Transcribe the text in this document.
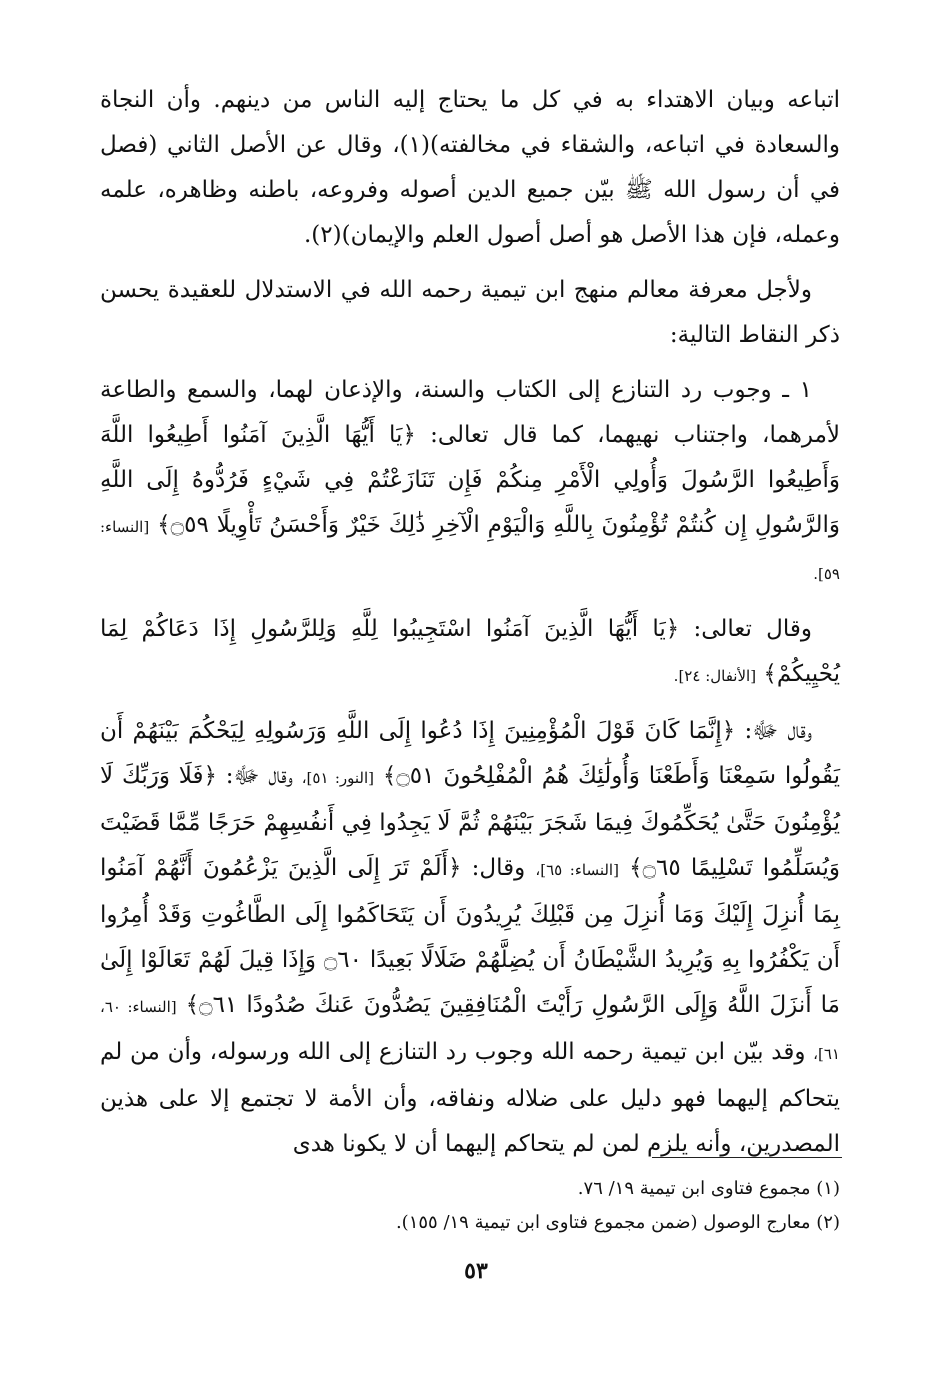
اتباعه وبيان الاهتداء به في كل ما يحتاج إليه الناس من دينهم. وأن النجاة والسعادة في اتباعه، والشقاء في مخالفته)(١)، وقال عن الأصل الثاني (فصل في أن رسول الله ﷺ بيّن جميع الدين أصوله وفروعه، باطنه وظاهره، علمه وعمله، فإن هذا الأصل هو أصل أصول العلم والإيمان)(٢).

ولأجل معرفة معالم منهج ابن تيمية رحمه الله في الاستدلال للعقيدة يحسن ذكر النقاط التالية:

١ ـ وجوب رد التنازع إلى الكتاب والسنة، والإذعان لهما، والسمع والطاعة لأمرهما، واجتناب نهيهما، كما قال تعالى: ﴿يَا أَيُّهَا الَّذِينَ آمَنُوا أَطِيعُوا اللَّهَ وَأَطِيعُوا الرَّسُولَ وَأُولِي الْأَمْرِ مِنكُمْ فَإِن تَنَازَعْتُمْ فِي شَيْءٍ فَرُدُّوهُ إِلَى اللَّهِ وَالرَّسُولِ إِن كُنتُمْ تُؤْمِنُونَ بِاللَّهِ وَالْيَوْمِ الْآخِرِ ذَٰلِكَ خَيْرٌ وَأَحْسَنُ تَأْوِيلًا ۝٥٩﴾ [النساء: ٥٩].

وقال تعالى: ﴿يَا أَيُّهَا الَّذِينَ آمَنُوا اسْتَجِيبُوا لِلَّهِ وَلِلرَّسُولِ إِذَا دَعَاكُمْ لِمَا يُحْيِيكُمْ﴾ [الأنفال: ٢٤].

وقال ﷻ: ﴿إِنَّمَا كَانَ قَوْلَ الْمُؤْمِنِينَ إِذَا دُعُوا إِلَى اللَّهِ وَرَسُولِهِ لِيَحْكُمَ بَيْنَهُمْ أَن يَقُولُوا سَمِعْنَا وَأَطَعْنَا وَأُولَٰئِكَ هُمُ الْمُفْلِحُونَ ۝٥١﴾ [النور: ٥١]، وقال ﷻ: ﴿فَلَا وَرَبِّكَ لَا يُؤْمِنُونَ حَتَّىٰ يُحَكِّمُوكَ فِيمَا شَجَرَ بَيْنَهُمْ ثُمَّ لَا يَجِدُوا فِي أَنفُسِهِمْ حَرَجًا مِّمَّا قَضَيْتَ وَيُسَلِّمُوا تَسْلِيمًا ۝٦٥﴾ [النساء: ٦٥]، وقال: ﴿أَلَمْ تَرَ إِلَى الَّذِينَ يَزْعُمُونَ أَنَّهُمْ آمَنُوا بِمَا أُنزِلَ إِلَيْكَ وَمَا أُنزِلَ مِن قَبْلِكَ يُرِيدُونَ أَن يَتَحَاكَمُوا إِلَى الطَّاغُوتِ وَقَدْ أُمِرُوا أَن يَكْفُرُوا بِهِ وَيُرِيدُ الشَّيْطَانُ أَن يُضِلَّهُمْ ضَلَالًا بَعِيدًا ۝٦٠ وَإِذَا قِيلَ لَهُمْ تَعَالَوْا إِلَىٰ مَا أَنزَلَ اللَّهُ وَإِلَى الرَّسُولِ رَأَيْتَ الْمُنَافِقِينَ يَصُدُّونَ عَنكَ صُدُودًا ۝٦١﴾ [النساء: ٦٠، ٦١]، وقد بيّن ابن تيمية رحمه الله وجوب رد التنازع إلى الله ورسوله، وأن من لم يتحاكم إليهما فهو دليل على ضلاله ونفاقه، وأن الأمة لا تجتمع إلا على هذين المصدرين، وأنه يلزم لمن لم يتحاكم إليهما أن لا يكونا هدى

(١) مجموع فتاوى ابن تيمية ١٩/ ٧٦.

(٢) معارج الوصول (ضمن مجموع فتاوى ابن تيمية ١٩/ ١٥٥).

٥٣
